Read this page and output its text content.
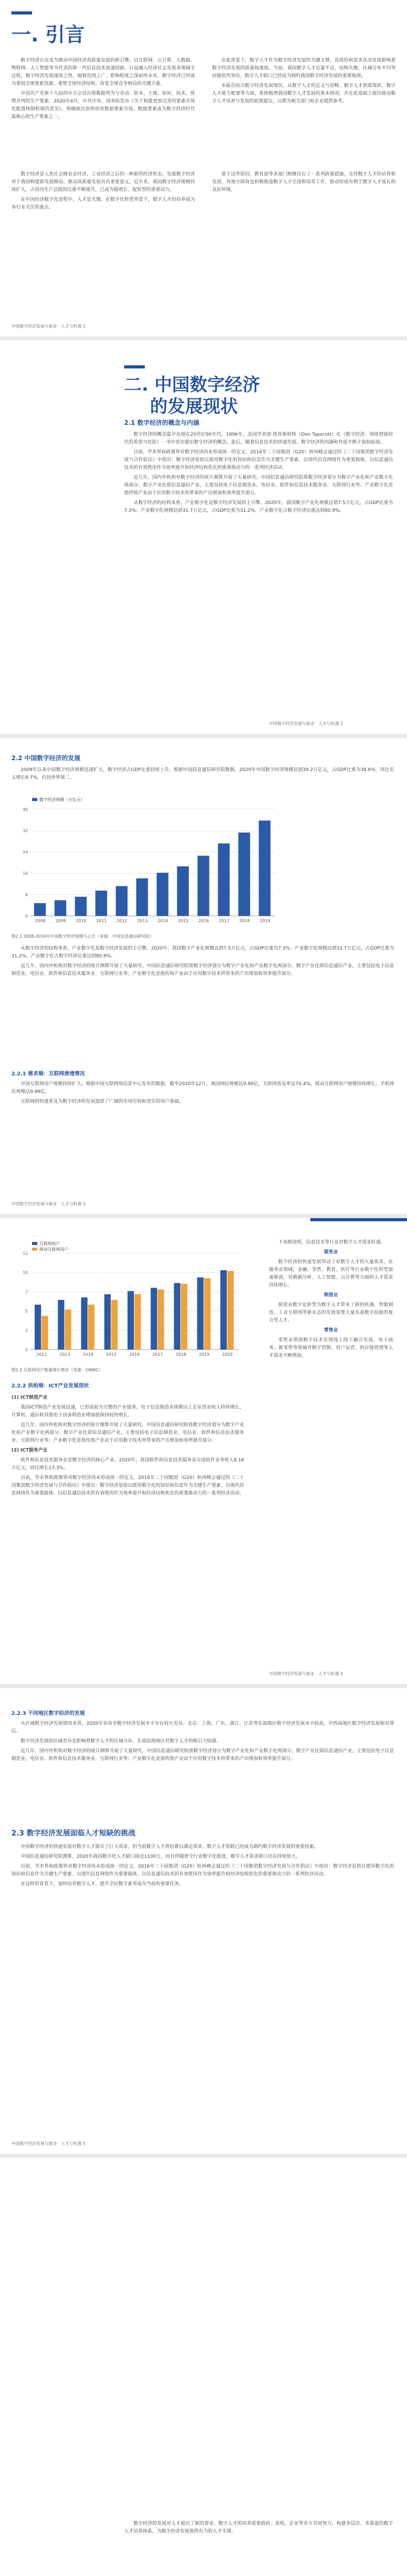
一. 引言

数字经济正在成为推动中国经济高质量发展的新引擎。以互联网、云计算、大数据、物联网、人工智能等为代表的新一代信息技术加速创新，日益融入经济社会发展各领域全过程，数字经济发展速度之快、辐射范围之广、影响程度之深前所未有。数字经济已经成为重组全球要素资源、重塑全球经济结构、改变全球竞争格局的关键力量。

中国共产党第十九届四中全会首次将数据列为与劳动、资本、土地、知识、技术、管理并列的生产要素。2020年4月，中共中央、国务院发布《关于构建更加完善的要素市场化配置体制机制的意见》，明确提出加快培育数据要素市场。数据要素成为数字经济时代最核心的生产要素之一。

在此背景下，数字人才作为数字经济发展的关键支撑，其供给和需求状况直接影响着数字经济发展的质量和速度。当前，我国数字人才总量不足、结构失衡、区域分布不均等问题依然突出，数字人才缺口已经成为制约我国数字经济发展的重要瓶颈。

本报告结合数字经济发展现状，从数字人才的定义与范畴、数字人才供需现状、数字人才能力框架等方面，系统梳理我国数字人才发展的基本情况，并在此基础上提出推动数字人才培养与发展的政策建议，以期为相关部门和企业提供参考。

数字经济是人类社会继农业经济、工业经济之后的一种新的经济形态。发展数字经济对于我国构建新发展格局、推动高质量发展具有重要意义。近年来，我国数字经济规模持续扩大，占国内生产总值的比重不断提升，已成为稳增长、促转型的重要动力。

在中国经济数字化进程中，人才是关键。在数字化转型背景下，数字人才的培养成为各行业关注的重点。

基于这些原因，教育部等多部门相继出台了一系列政策措施，支持数字人才的培养和发展。各地方政府也积极推进数字人才引进和培育工作，推动形成有利于数字人才成长的良好环境。

中国数字经济发展与就业 · 人才与机遇 1
二. 中国数字经济
的发展现状
2.1 数字经济的概念与内涵

数字经济的概念最早出现在20世纪90年代。1996年，美国学者唐·塔普斯科特（Don Tapscott）在《数字经济：网络智能时代的希望与危险》一书中首次提出数字经济的概念。此后，随着信息技术的快速发展，数字经济的内涵和外延不断丰富和拓展。

目前，学术界和政策界对数字经济尚未形成统一的定义。2016年二十国集团（G20）杭州峰会通过的《二十国集团数字经济发展与合作倡议》中指出：数字经济是指以使用数字化的知识和信息作为关键生产要素、以现代信息网络作为重要载体、以信息通信技术的有效使用作为效率提升和经济结构优化的重要推动力的一系列经济活动。

近几年，国内外机构对数字经济的统计测算开展了大量研究。中国信息通信研究院将数字经济划分为数字产业化和产业数字化两部分。数字产业化即信息通信产业，主要包括电子信息制造业、电信业、软件和信息技术服务业、互联网行业等；产业数字化是指传统产业由于应用数字技术所带来的产出增加和效率提升部分。

从数字经济的结构来看，产业数字化是数字经济发展的主引擎。2020年，我国数字产业化规模达到7.5万亿元，占GDP比重为7.3%；产业数字化规模达到31.7万亿元，占GDP比重为31.2%，产业数字化占数字经济比重达到80.9%。

中国数字经济发展与就业 · 人才与机遇 2
2.2 中国数字经济的发展

2008年以来中国数字经济规模迅速扩大，数字经济占GDP比重持续上升。根据中国信息通信研究院数据，2020年中国数字经济规模达到39.2万亿元，占GDP比重为38.6%，同比名义增长9.7%，位居世界第二。

0
8
16
24
32
40
2008 2009 2010 2011 2012 2013 2014 2015 2016 2017 2018 2019
数字经济规模（万亿元）
图2.1 2008-2019年中国数字经济规模与占比（来源：中国信息通信研究院）

从数字经济的结构来看，产业数字化是数字经济发展的主引擎。2020年，我国数字产业化规模达到7.5万亿元，占GDP比重为7.3%；产业数字化规模达到31.7万亿元，占GDP比重为31.2%，产业数字化占数字经济比重达到80.9%。

近几年，国内外机构对数字经济的统计测算开展了大量研究。中国信息通信研究院将数字经济划分为数字产业化和产业数字化两部分。数字产业化即信息通信产业，主要包括电子信息制造业、电信业、软件和信息技术服务业、互联网行业等；产业数字化是指传统产业由于应用数字技术所带来的产出增加和效率提升部分。

2.2.1 需求端：互联网渗透情况

中国互联网用户规模持续扩大。根据中国互联网络信息中心发布的数据，截至2020年12月，我国网民规模达9.89亿，互联网普及率达70.4%。移动互联网用户规模持续增长，手机网民规模达9.86亿。

互联网的快速普及为数字经济的发展提供了广阔的市场空间和坚实的用户基础。

中国数字经济发展与就业 · 人才与机遇 3
0
2
5
7
10
12
2012	2013	2014	2015	2016	2017	2018	2019	2020
互联网用户
移动互联网用户
图2.2 互联网用户数量增长情况（来源：CNNIC）

下表格说明，信息技术等行业对数字人才需求旺盛。

服务业

数字经济的快速发展带动了对数字人才的大量需求。在服务业领域，金融、零售、教育、医疗等行业数字化转型加速推进，对数据分析、人工智能、云计算等方面的人才需求持续增长。

制造业

制造业数字化转型为数字人才带来了新的机遇。智能制造、工业互联网等新业态的发展需要大量具备数字技能的复合型人才。

零售业

零售业借助数字技术实现线上线下融合发展，电子商务、新零售等领域对数字营销、用户运营、供应链管理等人才需求不断增加。

2.2.2 供给端：ICT产业发展现状

(1) ICT制造产业

我国ICT制造产业发展迅速，已形成较为完整的产业链条。电子信息制造业规模以上企业营业收入持续增长，计算机、通信和其他电子设备制造业增加值保持较快增长。

近几年，国内外机构对数字经济的统计测算开展了大量研究。中国信息通信研究院将数字经济划分为数字产业化和产业数字化两部分。数字产业化即信息通信产业，主要包括电子信息制造业、电信业、软件和信息技术服务业、互联网行业等；产业数字化是指传统产业由于应用数字技术所带来的产出增加和效率提升部分。

(2) ICT服务产业

软件和信息技术服务业是数字经济的核心产业。2020年，我国软件和信息技术服务业完成软件业务收入8.16万亿元，同比增长13.3%。

目前，学术界和政策界对数字经济尚未形成统一的定义。2016年二十国集团（G20）杭州峰会通过的《二十国集团数字经济发展与合作倡议》中指出：数字经济是指以使用数字化的知识和信息作为关键生产要素、以现代信息网络作为重要载体、以信息通信技术的有效使用作为效率提升和经济结构优化的重要推动力的一系列经济活动。

中国数字经济发展与就业 · 人才与机遇 4
2.2.3 不同地区数字经济的发展

从区域数字经济发展情况来看，2020年各省市数字经济发展水平存在较大差异。北京、上海、广东、浙江、江苏等东部地区数字经济发展水平较高，中西部地区数字经济发展相对滞后。

数字经济发展的区域差异也影响着数字人才的区域分布，东部沿海地区对数字人才的吸引力较强。

近几年，国内外机构对数字经济的统计测算开展了大量研究。中国信息通信研究院将数字经济划分为数字产业化和产业数字化两部分。数字产业化即信息通信产业，主要包括电子信息制造业、电信业、软件和信息技术服务业、互联网行业等；产业数字化是指传统产业由于应用数字技术所带来的产出增加和效率提升部分。

2.3 数字经济发展面临人才短缺的挑战

中国数字经济的快速发展对数字人才提出了巨大需求，但当前数字人才供给难以满足需求。数字人才短缺已经成为制约数字经济发展的重要因素。

中国信息通信研究院测算，2020年我国数字化人才缺口接近1100万，而且伴随着全行业数字化推进，数字人才需求缺口还在持续放大。

目前，学术界和政策界对数字经济尚未形成统一的定义。2016年二十国集团（G20）杭州峰会通过的《二十国集团数字经济发展与合作倡议》中指出：数字经济是指以使用数字化的知识和信息作为关键生产要素、以现代信息网络作为重要载体、以信息通信技术的有效使用作为效率提升和经济结构优化的重要推动力的一系列经济活动。

在这样的背景下，加快培养数字人才、提升全民数字素养成为当前的重要任务。

中国数字经济发展与就业 · 人才与机遇 5

数字经济的发展对人才提出了新的要求，数字人才的培养需要政府、高校、企业等多方共同努力，构建多层次、多渠道的数字人才培养体系，为数字经济发展提供有力的人才支撑。
